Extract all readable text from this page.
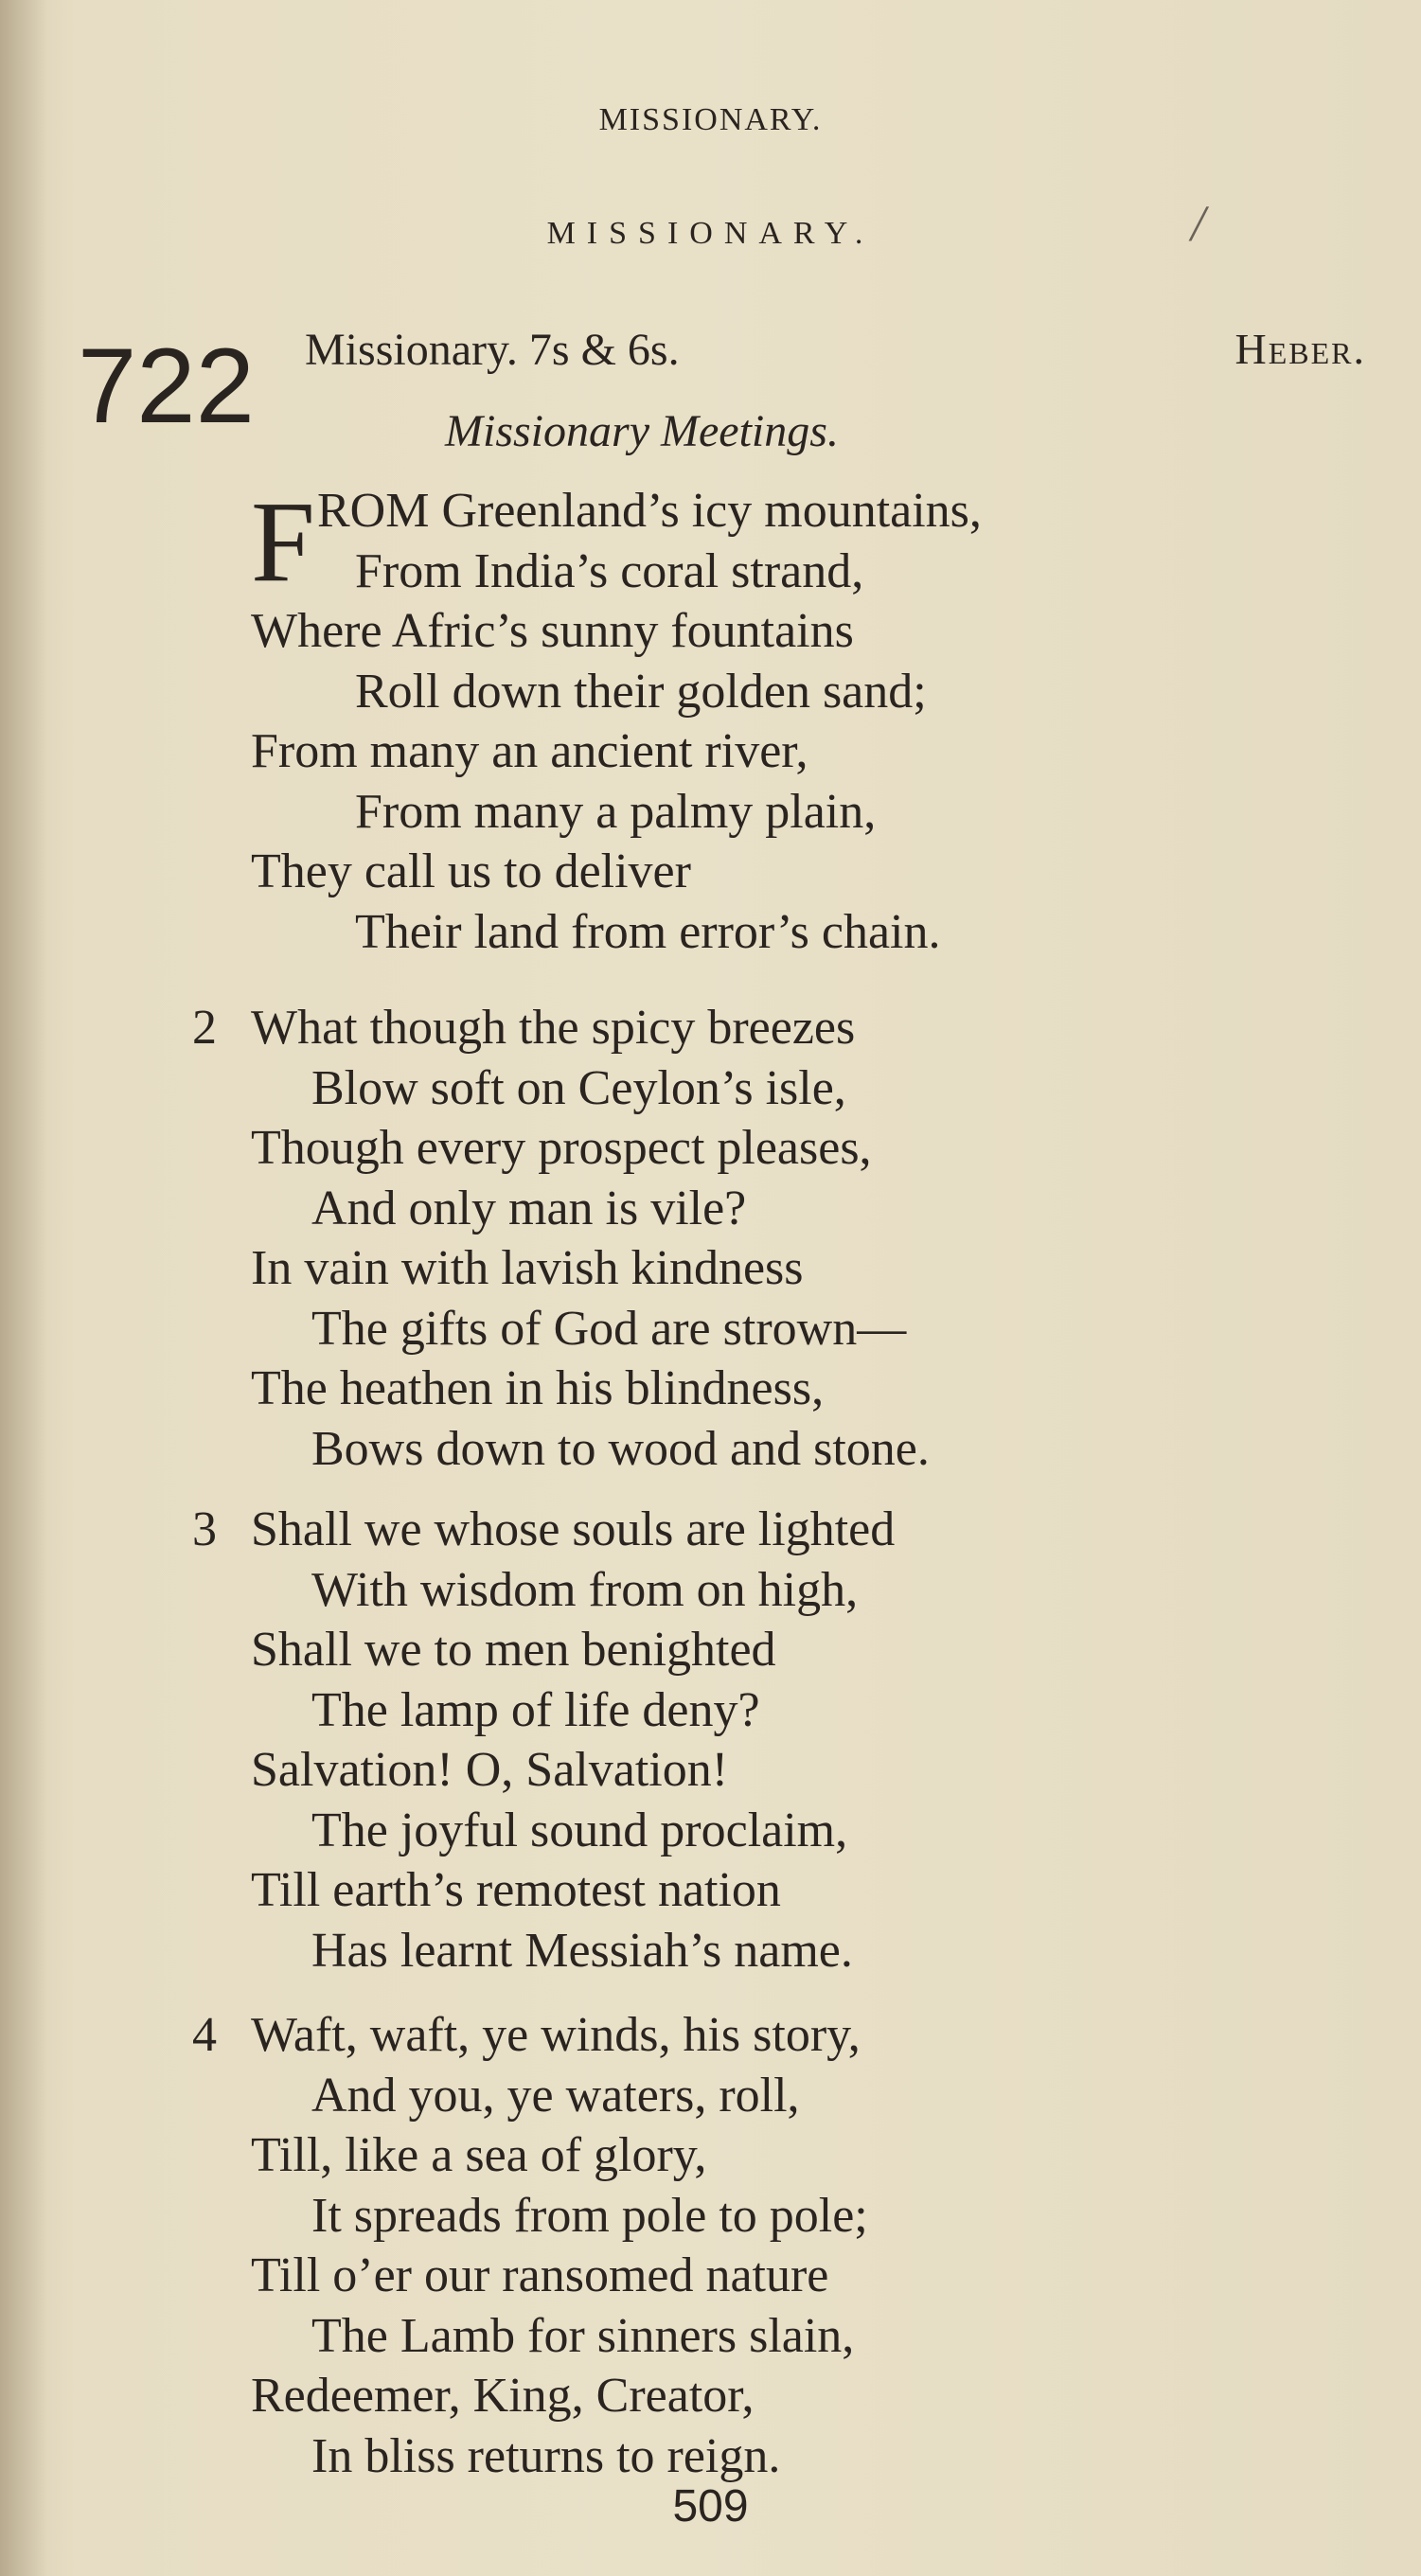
MISSIONARY.
MISSIONARY.	/
722 Missionary. 7s & 6s.	Heber.
Missionary Meetings.
F ROM Greenland’s icy mountains,
From India’s coral strand,
Where Afric’s sunny fountains
Roll down their golden sand;
From many an ancient river,
From many a palmy plain,
They call us to deliver
Their land from error’s chain.
2 What though the spicy breezes
Blow soft on Ceylon’s isle,
Though every prospect pleases,
And only man is vile?
In vain with lavish kindness
The gifts of God are strown—
The heathen in his blindness,
Bows down to wood and stone.
3 Shall we whose souls are lighted
With wisdom from on high,
Shall we to men benighted
The lamp of life deny?
Salvation! O, Salvation!
The joyful sound proclaim,
Till earth’s remotest nation
Has learnt Messiah’s name.
4 Waft, waft, ye winds, his story,
And you, ye waters, roll,
Till, like a sea of glory,
It spreads from pole to pole;
Till o’er our ransomed nature
The Lamb for sinners slain,
Redeemer, King, Creator,
In bliss returns to reign.
509
